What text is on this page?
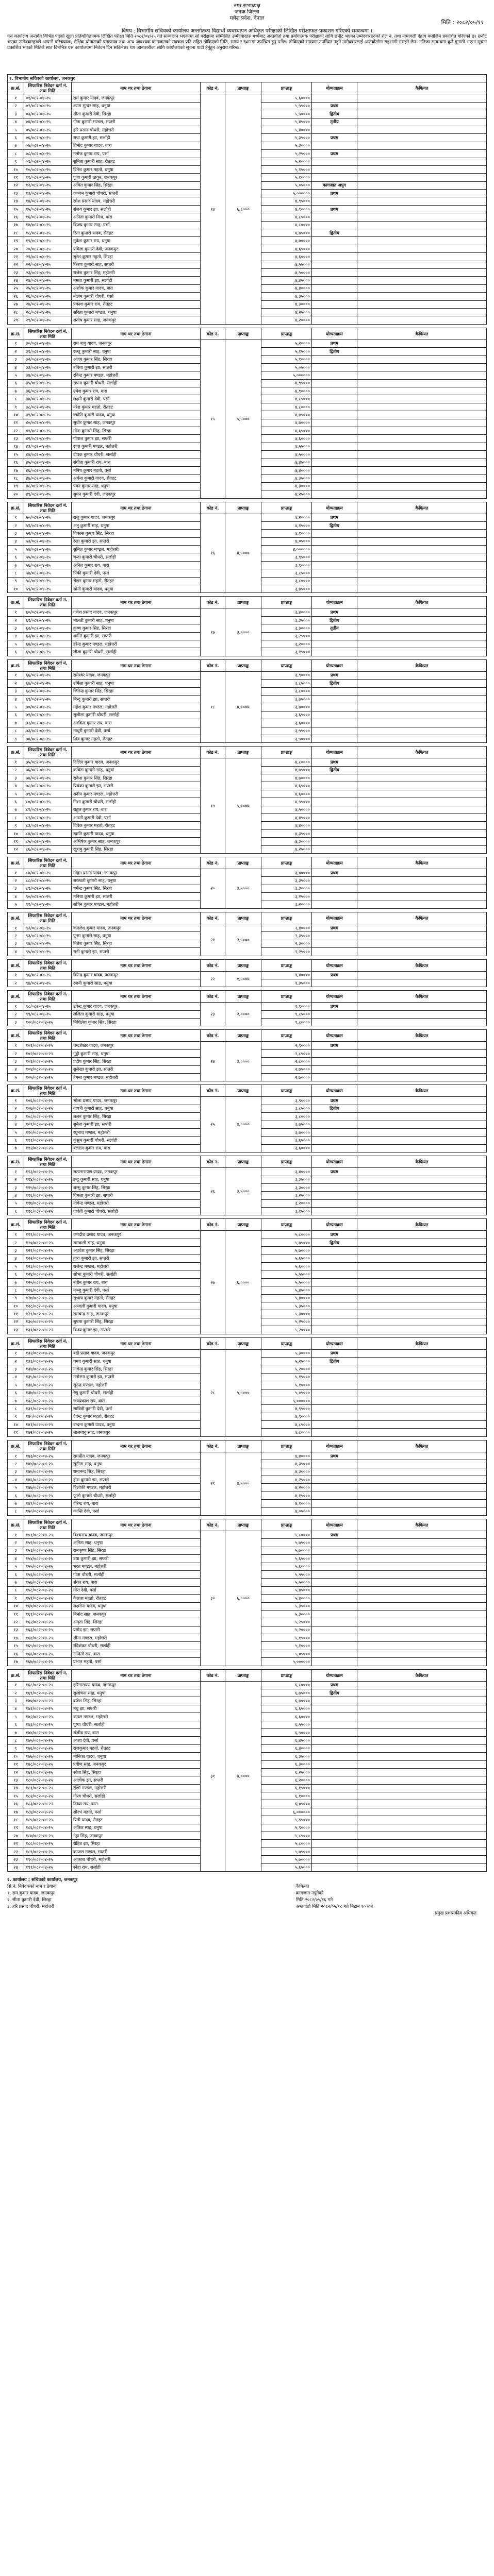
नगर सभाध्यक्ष
जनक जिल्ला
मधेश प्रदेश, नेपाल
मिति : २०८२/०५/११
विषय : विभागीय सचिवको कार्यालय अन्तर्गतका विद्यार्थी व्यवस्थापन अधिकृत परीक्षाको लिखित परीक्षाफल प्रकाशन गरिएको सम्बन्धमा ।
यस कार्यालय अन्तर्गत विभिन्न पदको खुला प्रतियोगितात्मक लिखित परीक्षा मिति २०८२/०४/२५ गते सञ्चालन भएकोमा सो परीक्षामा सम्मिलित उम्मेदवारहरु मध्येबाट अन्तर्वार्ता तथा प्रयोगात्मक परीक्षाको लागि छनौट भएका उम्मेदवारहरुको रोल नं. तथा नामावली देहाय बमोजिम प्रकाशित गरिएको छ। छनौट भएका उम्मेदवारहरुले आफ्नो परिचयपत्र, शैक्षिक योग्यताको प्रमाणपत्र तथा अन्य आवश्यक कागजातको सक्कल प्रति सहित तोकिएको मिति, समय र स्थानमा उपस्थित हुनु पर्नेछ। तोकिएको समयमा उपस्थित नहुने उम्मेदवारलाई अन्तर्वार्तामा सहभागी गराइने छैन। नतिजा सम्बन्धमा कुनै गुनासो भएमा सूचना प्रकाशित भएको मितिले सात दिनभित्र यस कार्यालयमा निवेदन दिन सकिनेछ। थप जानकारीका लागि कार्यालयको सूचना पाटी हेर्नुहुन अनुरोध गरिन्छ।
१. विभागीय सचिवको कार्यालय, जनकपुर							
क्र.सं.	सिफारिस निवेदन दर्ता नं. तथा मिति	नाम थर तथा ठेगाना	कोड नं.	प्राप्ताङ्क	प्राप्ताङ्क	योग्यताक्रम	कैफियत
१	०१/०८२-०४-२५	राम कुमार यादव, जनकपुर	१४	६,६०००	५,६००००		
२	०२/०८२-०४-२५	श्याम सुन्दर साह, धनुषा			५,५५०००	प्रथम	
३	०३/०८२-०४-२५	सीता कुमारी देवी, सिरहा			५,५००००	द्वितीय	
४	०४/०८२-०४-२५	गीता कुमारी मण्डल, सप्तरी			५,४५०००	तृतीय	
५	०५/०८२-०४-२५	हरि प्रसाद चौधरी, महोत्तरी			५,४००००		
६	०६/०८२-०४-२५	राधा कुमारी झा, सर्लाही			५,३५०००	प्रथम	
७	०७/०८२-०४-२५	विनोद कुमार यादव, बारा			५,३००००		
८	०८/०८२-०४-२५	मनोज कुमार राय, पर्सा			५,२५०००	प्रथम	
९	०९/०८२-०४-२५	सुनिता कुमारी साह, रौतहट			५,२००००		
१०	१०/०८२-०४-२५	दिनेश कुमार महतो, धनुषा			५,१५०००		
११	११/०८२-०४-२५	पूजा कुमारी ठाकुर, जनकपुर			५,१००००		
१२	१२/०८२-०४-२५	अमित कुमार सिंह, सिरहा			५,०५०००	कागजात अपुग	
१३	१३/०८२-०४-२५	कञ्चन कुमारी चौधरी, सप्तरी			५,००००००	प्रथम	
१४	१४/०८२-०४-२५	रमेश प्रसाद यादव, महोत्तरी			४,९५०००		
१५	१५/०८२-०४-२५	संजय कुमार झा, सर्लाही			४,९००००	प्रथम	
१६	१६/०८२-०४-२५	अनिता कुमारी मिश्र, बारा			४,८५०००		
१७	१७/०८२-०४-२५	विजय कुमार साह, पर्सा			४,८००००		
१८	१८/०८२-०४-२५	रिता कुमारी यादव, रौतहट			४,७५०००	द्वितीय	
१९	१९/०८२-०४-२५	मुकेश कुमार राय, धनुषा			४,७००००		
२०	२०/०८२-०४-२५	प्रमिला कुमारी देवी, जनकपुर			४,६५०००		
२१	२१/०८२-०४-२५	सुरेश कुमार महतो, सिरहा			४,६००००		
२२	२२/०८२-०४-२५	किरण कुमारी साह, सप्तरी			४,५५०००		
२३	२३/०८२-०४-२५	राजेश कुमार सिंह, महोत्तरी			४,५००००		
२४	२४/०८२-०४-२५	ममता कुमारी झा, सर्लाही			४,४५०००		
२५	२५/०८२-०४-२५	अशोक कुमार यादव, बारा			४,४००००		
२६	२६/०८२-०४-२५	नीलम कुमारी चौधरी, पर्सा			४,३५०००		
२७	२७/०८२-०४-२५	प्रकाश कुमार राय, रौतहट			४,३००००		
२८	२८/०८२-०४-२५	सरिता कुमारी मण्डल, धनुषा			४,२५०००		
२९	२९/०८२-०४-२५	संतोष कुमार साह, जनकपुर			४,२००००		
क्र.सं.	सिफारिस निवेदन दर्ता नं. तथा मिति	नाम थर तथा ठेगाना	कोड नं.	प्राप्ताङ्क	प्राप्ताङ्क	योग्यताक्रम	कैफियत
१	३०/०८२-०४-२५	राम बाबु यादव, जनकपुर	१५	५,५०००	५,२००००	प्रथम	
२	३१/०८२-०४-२५	रञ्जु कुमारी साह, धनुषा			५,१५०००	द्वितीय	
३	३२/०८२-०४-२५	अजय कुमार सिंह, सिरहा			५,१००००		
४	३३/०८२-०४-२५	बबिता कुमारी झा, सप्तरी			५,०५०००		
५	३४/०८२-०४-२५	रविन्द्र कुमार मण्डल, महोत्तरी			५,००००००		
६	३५/०८२-०४-२५	सपना कुमारी चौधरी, सर्लाही			४,९५०००		
७	३६/०८२-०४-२५	उमेश कुमार राय, बारा			४,९००००		
८	३७/०८२-०४-२५	लक्ष्मी कुमारी देवी, पर्सा			४,८५०००		
९	३८/०८२-०४-२५	नरेश कुमार महतो, रौतहट			४,८००००		
१०	३९/०८२-०४-२५	ज्योति कुमारी यादव, धनुषा			४,७५०००		
११	४०/०८२-०४-२५	सुधीर कुमार साह, जनकपुर			४,७००००		
१२	४१/०८२-०४-२५	मीना कुमारी सिंह, सिरहा			४,६५०००		
१३	४२/०८२-०४-२५	गोपाल कुमार झा, सप्तरी			४,६००००		
१४	४३/०८२-०४-२५	रूपा कुमारी मण्डल, महोत्तरी			४,५५०००		
१५	४४/०८२-०४-२५	दीपक कुमार चौधरी, सर्लाही			४,५००००		
१६	४५/०८२-०४-२५	संगीता कुमारी राय, बारा			४,४५०००		
१७	४६/०८२-०४-२५	मनिष कुमार महतो, पर्सा			४,४००००		
१८	४७/०८२-०४-२५	अर्चना कुमारी यादव, रौतहट			४,३५०००		
१९	४८/०८२-०४-२५	पवन कुमार साह, धनुषा			४,३००००		
२०	४९/०८२-०४-२५	सुमन कुमारी देवी, जनकपुर			४,२५०००		
क्र.सं.	सिफारिस निवेदन दर्ता नं. तथा मिति	नाम थर तथा ठेगाना	कोड नं.	प्राप्ताङ्क	प्राप्ताङ्क	योग्यताक्रम	कैफियत
१	५०/०८२-०४-२५	राजु कुमार यादव, जनकपुर	१६	४,५०००	४,२००००	प्रथम	
२	५१/०८२-०४-२५	अनु कुमारी साह, धनुषा			४,१५०००	द्वितीय	
३	५२/०८२-०४-२५	विकास कुमार सिंह, सिरहा			४,१००००		
४	५३/०८२-०४-२५	रेखा कुमारी झा, सप्तरी			४,०५०००		
५	५४/०८२-०४-२५	सुनिल कुमार मण्डल, महोत्तरी			४,००००००		
६	५५/०८२-०४-२५	चन्दा कुमारी चौधरी, सर्लाही			३,९५०००		
७	५६/०८२-०४-२५	अनिल कुमार राय, बारा			३,९००००		
८	५७/०८२-०४-२५	पिंकी कुमारी देवी, पर्सा			३,८५०००		
९	५८/०८२-०४-२५	रोशन कुमार महतो, रौतहट			३,८००००		
१०	५९/०८२-०४-२५	सोनी कुमारी यादव, धनुषा			३,७५०००		
क्र.सं.	सिफारिस निवेदन दर्ता नं. तथा मिति	नाम थर तथा ठेगाना	कोड नं.	प्राप्ताङ्क	प्राप्ताङ्क	योग्यताक्रम	कैफियत
१	६०/०८२-०४-२५	गणेश प्रसाद यादव, जनकपुर	१७	३,५०००	३,४००००	प्रथम	
२	६१/०८२-०४-२५	मालती कुमारी साह, धनुषा			३,३५०००	द्वितीय	
३	६२/०८२-०४-२५	कृष्ण कुमार सिंह, सिरहा			३,३००००	तृतीय	
४	६३/०८२-०४-२५	शान्ति कुमारी झा, सप्तरी			३,२५०००		
५	६४/०८२-०४-२५	हरेन्द्र कुमार मण्डल, महोत्तरी			३,२००००		
६	६५/०८२-०४-२५	लीला कुमारी चौधरी, सर्लाही			३,१५०००		
क्र.सं.	सिफारिस निवेदन दर्ता नं. तथा मिति	नाम थर तथा ठेगाना	कोड नं.	प्राप्ताङ्क	प्राप्ताङ्क	योग्यताक्रम	कैफियत
१	६६/०८२-०४-२५	रामेश्वर यादव, जनकपुर	१८	४,००००	३,९००००	प्रथम	
२	६७/०८२-०४-२५	उर्मिला कुमारी साह, धनुषा			३,८५०००	द्वितीय	
३	६८/०८२-०४-२५	जितेन्द्र कुमार सिंह, सिरहा			३,८००००		
४	६९/०८२-०४-२५	बिन्दु कुमारी झा, सप्तरी			३,७५०००		
५	७०/०८२-०४-२५	महेश कुमार मण्डल, महोत्तरी			३,७००००		
६	७१/०८२-०४-२५	सुशीला कुमारी चौधरी, सर्लाही			३,६५०००		
७	७२/०८२-०४-२५	अरविन्द कुमार राय, बारा			३,६००००		
८	७३/०८२-०४-२५	माधुरी कुमारी देवी, पर्सा			३,५५०००		
९	७४/०८२-०४-२५	शिव कुमार महतो, रौतहट			३,५००००		
क्र.सं.	सिफारिस निवेदन दर्ता नं. तथा मिति	नाम थर तथा ठेगाना	कोड नं.	प्राप्ताङ्क	प्राप्ताङ्क	योग्यताक्रम	कैफियत
१	७५/०८२-०४-२५	दिलिप कुमार यादव, जनकपुर	१९	५,००००	४,८००००	प्रथम	
२	७६/०८२-०४-२५	कविता कुमारी साह, धनुषा			४,७५०००	द्वितीय	
३	७७/०८२-०४-२५	राकेश कुमार सिंह, सिरहा			४,७००००		
४	७८/०८२-०४-२५	प्रियंका कुमारी झा, सप्तरी			४,६५०००		
५	७९/०८२-०४-२५	संदीप कुमार मण्डल, महोत्तरी			४,६००००		
६	८०/०८२-०४-२५	निशा कुमारी चौधरी, सर्लाही			४,५५०००		
७	८१/०८२-०४-२५	राहुल कुमार राय, बारा			४,५००००		
८	८२/०८२-०४-२५	आरती कुमारी देवी, पर्सा			४,४५०००		
९	८३/०८२-०४-२५	विवेक कुमार महतो, रौतहट			४,४००००		
१०	८४/०८२-०४-२५	स्वाति कुमारी यादव, धनुषा			४,३५०००		
११	८५/०८२-०४-२५	अभिषेक कुमार साह, जनकपुर			४,३००००		
१२	८६/०८२-०४-२५	खुशबु कुमारी सिंह, सिरहा			४,२५०००		
क्र.सं.	सिफारिस निवेदन दर्ता नं. तथा मिति	नाम थर तथा ठेगाना	कोड नं.	प्राप्ताङ्क	प्राप्ताङ्क	योग्यताक्रम	कैफियत
१	८७/०८२-०४-२५	मोहन प्रसाद यादव, जनकपुर	२०	३,५०००	३,४००००	प्रथम	
२	८८/०८२-०४-२५	सरस्वती कुमारी साह, धनुषा			३,३५०००		
३	८९/०८२-०४-२५	धर्मेन्द्र कुमार सिंह, सिरहा			३,३००००		
४	९०/०८२-०४-२५	मनिषा कुमारी झा, सप्तरी			३,२५०००		
५	९१/०८२-०४-२५	सचिन कुमार मण्डल, महोत्तरी			३,२००००		
क्र.सं.	सिफारिस निवेदन दर्ता नं. तथा मिति	नाम थर तथा ठेगाना	कोड नं.	प्राप्ताङ्क	प्राप्ताङ्क	योग्यताक्रम	कैफियत
१	९२/०८२-०४-२५	कमलेश कुमार यादव, जनकपुर	२१	२,५०००	२,४००००	प्रथम	
२	९३/०८२-०४-२५	पुनम कुमारी साह, धनुषा			२,३५०००		
३	९४/०८२-०४-२५	नितेश कुमार सिंह, सिरहा			२,३००००		
४	९५/०८२-०४-२५	रानी कुमारी झा, सप्तरी			२,२५०००		
क्र.सं.	सिफारिस निवेदन दर्ता नं. तथा मिति	नाम थर तथा ठेगाना	कोड नं.	प्राप्ताङ्क	प्राप्ताङ्क	योग्यताक्रम	कैफियत
१	९६/०८२-०४-२५	बिरेन्द्र कुमार यादव, जनकपुर	२२	१,५०००	१,४००००	प्रथम	
२	९७/०८२-०४-२५	रजनी कुमारी साह, धनुषा			१,३५०००		
क्र.सं.	सिफारिस निवेदन दर्ता नं. तथा मिति	नाम थर तथा ठेगाना	कोड नं.	प्राप्ताङ्क	प्राप्ताङ्क	योग्यताक्रम	कैफियत
१	९८/०८२-०४-२५	उपेन्द्र कुमार यादव, जनकपुर	२३	२,००००	१,९००००	प्रथम	
२	९९/०८२-०४-२५	ललिता कुमारी साह, धनुषा			१,८५०००		
३	१००/०८२-०४-२५	मिथिलेश कुमार सिंह, सिरहा			१,८००००		
क्र.सं.	सिफारिस निवेदन दर्ता नं. तथा मिति	नाम थर तथा ठेगाना	कोड नं.	प्राप्ताङ्क	प्राप्ताङ्क	योग्यताक्रम	कैफियत
१	१०१/०८२-०४-२५	चन्द्रशेखर यादव, जनकपुर	२४	३,००००	२,९००००	प्रथम	
२	१०२/०८२-०४-२५	गुड्डी कुमारी साह, धनुषा			२,८५०००		
३	१०३/०८२-०४-२५	प्रदीप कुमार सिंह, सिरहा			२,८००००		
४	१०४/०८२-०४-२५	सुलेखा कुमारी झा, सप्तरी			२,७५०००		
५	१०५/०८२-०४-२५	हेमन्त कुमार मण्डल, महोत्तरी			२,७००००		
क्र.सं.	सिफारिस निवेदन दर्ता नं. तथा मिति	नाम थर तथा ठेगाना	कोड नं.	प्राप्ताङ्क	प्राप्ताङ्क	योग्यताक्रम	कैफियत
१	१०६/०८२-०४-२५	भोला प्रसाद यादव, जनकपुर	२५	४,००००	३,९००००	प्रथम	
२	१०७/०८२-०४-२५	गायत्री कुमारी साह, धनुषा			३,८५०००	द्वितीय	
३	१०८/०८२-०४-२५	ललन कुमार सिंह, सिरहा			३,८००००		
४	१०९/०८२-०४-२५	सुनैना कुमारी झा, सप्तरी			३,७५०००		
५	११०/०८२-०४-२५	रघुनाथ मण्डल, महोत्तरी			३,७००००		
६	१११/०८२-०४-२५	कुसुम कुमारी चौधरी, सर्लाही			३,६५०००		
७	११२/०८२-०४-२५	बलराम कुमार राय, बारा			३,६००००		
क्र.सं.	सिफारिस निवेदन दर्ता नं. तथा मिति	नाम थर तथा ठेगाना	कोड नं.	प्राप्ताङ्क	प्राप्ताङ्क	योग्यताक्रम	कैफियत
१	११३/०८२-०४-२५	सत्यनारायण यादव, जनकपुर	२६	३,५०००	३,४००००	प्रथम	
२	११४/०८२-०४-२५	इन्दु कुमारी साह, धनुषा			३,३५०००		
३	११५/०८२-०४-२५	शम्भु कुमार सिंह, सिरहा			३,३००००		
४	११६/०८२-०४-२५	विमला कुमारी झा, सप्तरी			३,२५०००		
५	११७/०८२-०४-२५	योगेन्द्र मण्डल, महोत्तरी			३,२००००		
६	११८/०८२-०४-२५	पार्वती कुमारी चौधरी, सर्लाही			३,१५०००		
क्र.सं.	सिफारिस निवेदन दर्ता नं. तथा मिति	नाम थर तथा ठेगाना	कोड नं.	प्राप्ताङ्क	प्राप्ताङ्क	योग्यताक्रम	कैफियत
१	११९/०८२-०४-२५	जगदीश प्रसाद यादव, जनकपुर	२७	६,००००	५,८००००	प्रथम	
२	१२०/०८२-०४-२५	रामकली साह, धनुषा			५,७५०००	द्वितीय	
३	१२१/०८२-०४-२५	अवधेश कुमार सिंह, सिरहा			५,७००००		
४	१२२/०८२-०४-२५	तारा कुमारी झा, सप्तरी			५,६५०००		
५	१२३/०८२-०४-२५	राजेन्द्र मण्डल, महोत्तरी			५,६००००		
६	१२४/०८२-०४-२५	शोभा कुमारी चौधरी, सर्लाही			५,५५०००		
७	१२५/०८२-०४-२५	नवीन कुमार राय, बारा			५,५००००		
८	१२६/०८२-०४-२५	मञ्जु कुमारी देवी, पर्सा			५,४५०००		
९	१२७/०८२-०४-२५	सुभाष कुमार महतो, रौतहट			५,४००००		
१०	१२८/०८२-०४-२५	अन्जली कुमारी यादव, धनुषा			५,३५०००		
११	१२९/०८२-०४-२५	रामचन्द्र साह, जनकपुर			५,३००००		
१२	१३०/०८२-०४-२५	सुषमा कुमारी सिंह, सिरहा			५,२५०००		
१३	१३१/०८२-०४-२५	विनय कुमार झा, सप्तरी			५,२००००		
क्र.सं.	सिफारिस निवेदन दर्ता नं. तथा मिति	नाम थर तथा ठेगाना	कोड नं.	प्राप्ताङ्क	प्राप्ताङ्क	योग्यताक्रम	कैफियत
१	१३२/०८२-०४-२५	बद्री प्रसाद यादव, जनकपुर	२८	५,५०००	५,३००००	प्रथम	
२	१३३/०८२-०४-२५	चम्पा कुमारी साह, धनुषा			५,२५०००	द्वितीय	
३	१३४/०८२-०४-२५	नागेन्द्र कुमार सिंह, सिरहा			५,२००००		
४	१३५/०८२-०४-२५	मनोरमा कुमारी झा, सप्तरी			५,१५०००		
५	१३६/०८२-०४-२५	सुरेन्द्र मण्डल, महोत्तरी			५,१००००		
६	१३७/०८२-०४-२५	रेणु कुमारी चौधरी, सर्लाही			५,०५०००		
७	१३८/०८२-०४-२५	जयप्रकाश राय, बारा			५,००००००		
८	१३९/०८२-०४-२५	सावित्री कुमारी देवी, पर्सा			४,९५०००		
९	१४०/०८२-०४-२५	देवेन्द्र कुमार महतो, रौतहट			४,९००००		
१०	१४१/०८२-०४-२५	वन्दना कुमारी यादव, धनुषा			४,८५०००		
११	१४२/०८२-०४-२५	लालबाबु साह, जनकपुर			४,८००००		
क्र.सं.	सिफारिस निवेदन दर्ता नं. तथा मिति	नाम थर तथा ठेगाना	कोड नं.	प्राप्ताङ्क	प्राप्ताङ्क	योग्यताक्रम	कैफियत
१	१४३/०८२-०४-२५	रामप्रीत यादव, जनकपुर	२९	४,५०००	४,४००००	प्रथम	
२	१४४/०८२-०४-२५	सुनीता साह, धनुषा			४,३५०००		
३	१४५/०८२-०४-२५	रामानन्द सिंह, सिरहा			४,३००००		
४	१४६/०८२-०४-२५	हीरा कुमारी झा, सप्तरी			४,२५०००		
५	१४७/०८२-०४-२५	त्रिलोकी मण्डल, महोत्तरी			४,२००००		
६	१४८/०८२-०४-२५	फूलो कुमारी चौधरी, सर्लाही			४,१५०००		
७	१४९/०८२-०४-२५	वीरेन्द्र राय, बारा			४,१००००		
८	१५०/०८२-०४-२५	कान्ति देवी, पर्सा			४,०५०००		
क्र.सं.	सिफारिस निवेदन दर्ता नं. तथा मिति	नाम थर तथा ठेगाना	कोड नं.	प्राप्ताङ्क	प्राप्ताङ्क	योग्यताक्रम	कैफियत
१	१५१/०८२-०४-२५	विश्वनाथ यादव, जनकपुर	३०	६,००००	५,८००००	प्रथम	
२	१५२/०८२-०४-२५	अनिता साह, धनुषा			५,७५०००		
३	१५३/०८२-०४-२५	रामकृष्ण सिंह, सिरहा			५,७००००		
४	१५४/०८२-०४-२५	उषा कुमारी झा, सप्तरी			५,६५०००		
५	१५५/०८२-०४-२५	भरत मण्डल, महोत्तरी			५,६००००		
६	१५६/०८२-०४-२५	गीता चौधरी, सर्लाही			५,५५०००		
७	१५७/०८२-०४-२५	शंकर राय, बारा			५,५००००		
८	१५८/०८२-०४-२५	मीरा देवी, पर्सा			५,४५०००		
९	१५९/०८२-०४-२५	कैलाश महतो, रौतहट			५,४००००		
१०	१६०/०८२-०४-२५	लक्ष्मीना यादव, धनुषा			५,३५०००		
११	१६१/०८२-०४-२५	बिनोद साह, जनकपुर			५,३००००		
१२	१६२/०८२-०४-२५	अमृता सिंह, सिरहा			५,२५०००		
१३	१६३/०८२-०४-२५	प्रमोद झा, सप्तरी			५,२००००		
१४	१६४/०८२-०४-२५	सीमा मण्डल, महोत्तरी			५,१५०००		
१५	१६५/०८२-०४-२५	रविशंकर चौधरी, सर्लाही			५,१००००		
१६	१६६/०८२-०४-२५	नन्दिनी राय, बारा			५,०५०००		
१७	१६७/०८२-०४-२५	प्रभात महतो, पर्सा			५,००००००		
क्र.सं.	सिफारिस निवेदन दर्ता नं. तथा मिति	नाम थर तथा ठेगाना	कोड नं.	प्राप्ताङ्क	प्राप्ताङ्क	योग्यताक्रम	कैफियत
१	१६८/०८२-०४-२५	हरिनारायण यादव, जनकपुर	३१	७,००००	६,८००००	प्रथम	
२	१६९/०८२-०४-२५	सुलोचना साह, धनुषा			६,७५०००	द्वितीय	
३	१७०/०८२-०४-२५	ब्रजेश सिंह, सिरहा			६,७००००		
४	१७१/०८२-०४-२५	मधु झा, सप्तरी			६,६५०००		
५	१७२/०८२-०४-२५	कमल मण्डल, महोत्तरी			६,६००००		
६	१७३/०८२-०४-२५	पुष्पा चौधरी, सर्लाही			६,५५०००		
७	१७४/०८२-०४-२५	संजीव राय, बारा			६,५००००		
८	१७५/०८२-०४-२५	आशा देवी, पर्सा			६,४५०००		
९	१७६/०८२-०४-२५	राजकुमार महतो, रौतहट			६,४००००		
१०	१७७/०८२-०४-२५	मोनिका यादव, धनुषा			६,३५०००		
११	१७८/०८२-०४-२५	प्रवीण साह, जनकपुर			६,३००००		
१२	१७९/०८२-०४-२५	श्वेता सिंह, सिरहा			६,२५०००		
१३	१८०/०८२-०४-२५	आलोक झा, सप्तरी			६,२००००		
१४	१८१/०८२-०४-२५	रश्मि मण्डल, महोत्तरी			६,१५०००		
१५	१८२/०८२-०४-२५	गौरव चौधरी, सर्लाही			६,१००००		
१६	१८३/०८२-०४-२५	दिव्या राय, बारा			६,०५०००		
१७	१८४/०८२-०४-२५	सौरभ महतो, पर्सा			६,००००००		
१८	१८५/०८२-०४-२५	प्रिती यादव, रौतहट			५,९५०००		
१९	१८६/०८२-०४-२५	अंकित साह, धनुषा			५,९००००		
२०	१८७/०८२-०४-२५	नेहा सिंह, जनकपुर			५,८५०००		
२१	१८८/०८२-०४-२५	रोहित झा, सिरहा			५,८००००		
२२	१८९/०८२-०४-२५	काजल मण्डल, सप्तरी			५,७५०००		
२३	१९०/०८२-०४-२५	आकाश चौधरी, महोत्तरी			५,७००००		
२४	१९१/०८२-०४-२५	स्नेहा राय, सर्लाही			५,६५०००		
२. कार्यालय : सचिवको कार्यालय, जनकपुर
सि.नं. निवेदकको नाम र ठेगाना	कैफियत
१. राम कुमार यादव, जनकपुर	कागजात नपुगेको
२. सीता कुमारी देवी, सिरहा	मिति २०८२/०५/१६ गते
३. हरि प्रसाद चौधरी, महोत्तरी	अन्तर्वार्ता मिति २०८२/०५/१८ गते बिहान १० बजे
प्रमुख प्रशासकीय अधिकृत
